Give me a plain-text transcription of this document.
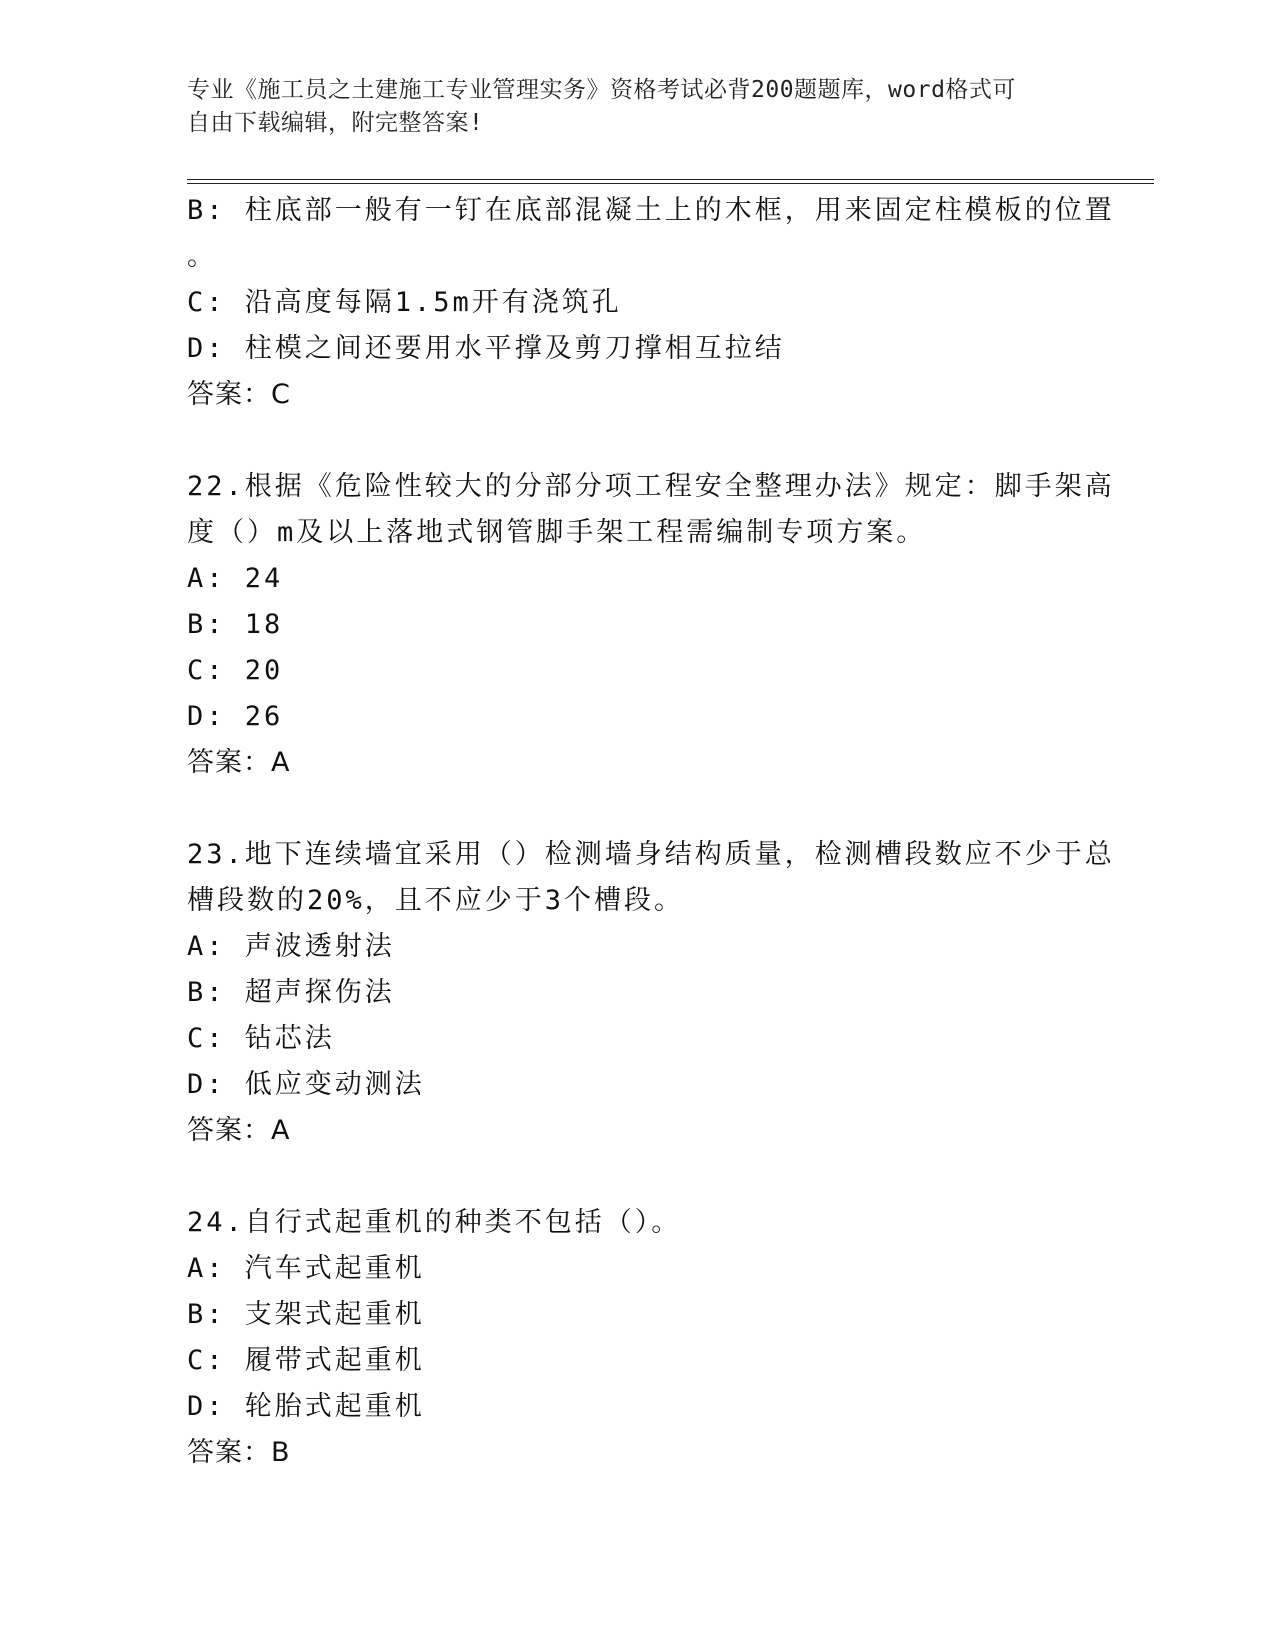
专业《施工员之土建施工专业管理实务》资格考试必背200题题库，word格式可
自由下载编辑，附完整答案!
B: 柱底部一般有一钉在底部混凝土上的木框，用来固定柱模板的位置
。
C: 沿高度每隔1.5m开有浇筑孔
D: 柱模之间还要用水平撑及剪刀撑相互拉结
答案：C
22.根据《危险性较大的分部分项工程安全整理办法》规定：脚手架高
度（）m及以上落地式钢管脚手架工程需编制专项方案。
A: 24
B: 18
C: 20
D: 26
答案：A
23.地下连续墙宜采用（）检测墙身结构质量，检测槽段数应不少于总
槽段数的20%，且不应少于3个槽段。
A: 声波透射法
B: 超声探伤法
C: 钻芯法
D: 低应变动测法
答案：A
24.自行式起重机的种类不包括（）。
A: 汽车式起重机
B: 支架式起重机
C: 履带式起重机
D: 轮胎式起重机
答案：B
